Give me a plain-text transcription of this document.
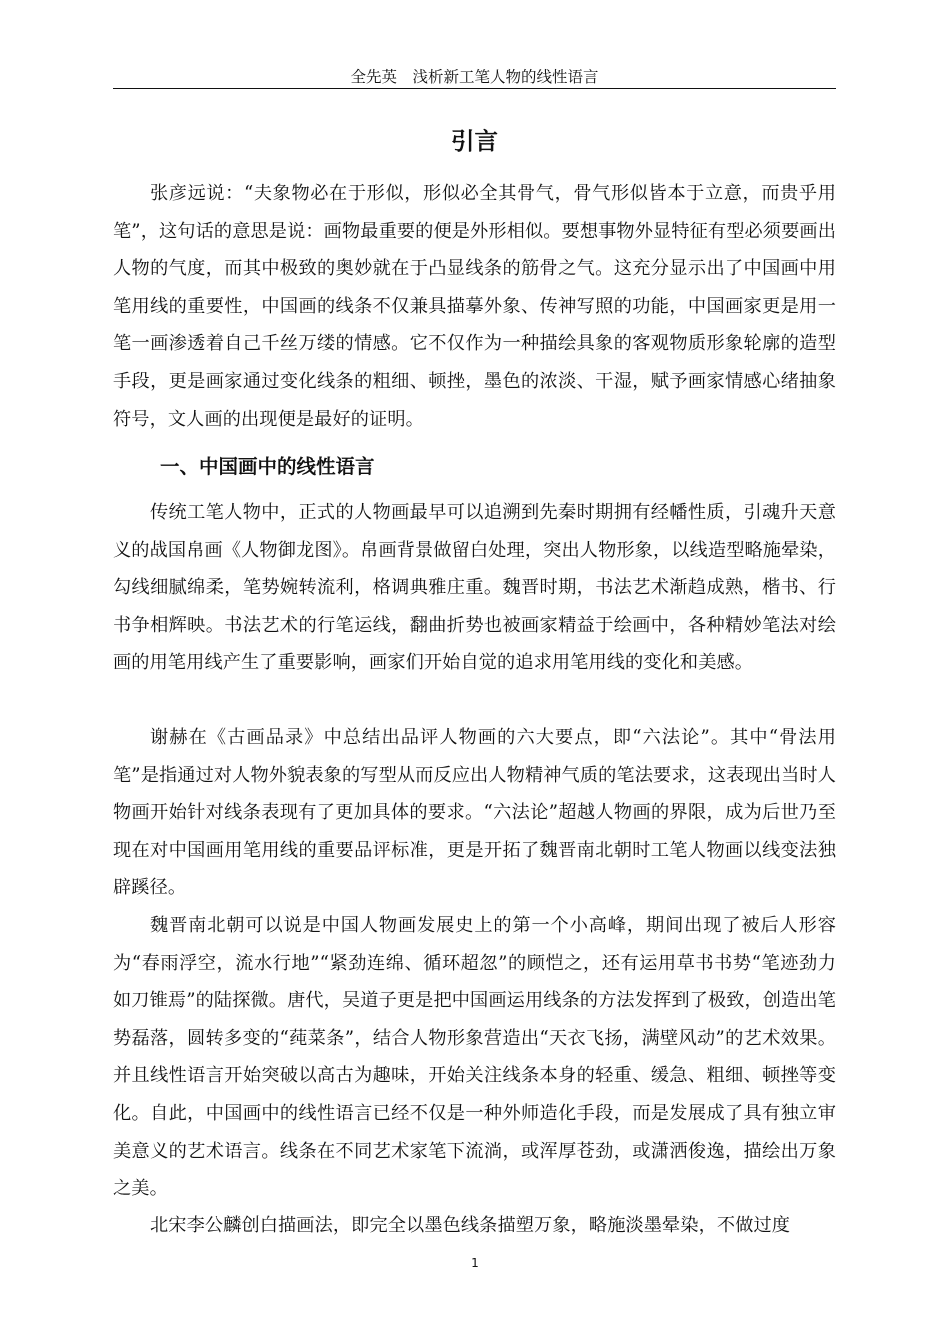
全先英　浅析新工笔人物的线性语言
引言

张彦远说：“夫象物必在于形似，形似必全其骨气，骨气形似皆本于立意，而贵乎用笔”，这句话的意思是说：画物最重要的便是外形相似。要想事物外显特征有型必须要画出人物的气度，而其中极致的奥妙就在于凸显线条的筋骨之气。这充分显示出了中国画中用笔用线的重要性，中国画的线条不仅兼具描摹外象、传神写照的功能，中国画家更是用一笔一画渗透着自己千丝万缕的情感。它不仅作为一种描绘具象的客观物质形象轮廓的造型手段，更是画家通过变化线条的粗细、顿挫，墨色的浓淡、干湿，赋予画家情感心绪抽象符号，文人画的出现便是最好的证明。

一、中国画中的线性语言

传统工笔人物中，正式的人物画最早可以追溯到先秦时期拥有经幡性质，引魂升天意义的战国帛画《人物御龙图》。帛画背景做留白处理，突出人物形象，以线造型略施晕染，勾线细腻绵柔，笔势婉转流利，格调典雅庄重。魏晋时期，书法艺术渐趋成熟，楷书、行书争相辉映。书法艺术的行笔运线，翻曲折势也被画家精益于绘画中，各种精妙笔法对绘画的用笔用线产生了重要影响，画家们开始自觉的追求用笔用线的变化和美感。

谢赫在《古画品录》中总结出品评人物画的六大要点，即“六法论”。其中“骨法用笔”是指通过对人物外貌表象的写型从而反应出人物精神气质的笔法要求，这表现出当时人物画开始针对线条表现有了更加具体的要求。“六法论”超越人物画的界限，成为后世乃至现在对中国画用笔用线的重要品评标准，更是开拓了魏晋南北朝时工笔人物画以线变法独辟蹊径。

魏晋南北朝可以说是中国人物画发展史上的第一个小高峰，期间出现了被后人形容为“春雨浮空，流水行地”“紧劲连绵、循环超忽”的顾恺之，还有运用草书书势“笔迹劲力如刀锥焉”的陆探微。唐代，吴道子更是把中国画运用线条的方法发挥到了极致，创造出笔势磊落，圆转多变的“莼菜条”，结合人物形象营造出“天衣飞扬，满壁风动”的艺术效果。并且线性语言开始突破以高古为趣味，开始关注线条本身的轻重、缓急、粗细、顿挫等变化。自此，中国画中的线性语言已经不仅是一种外师造化手段，而是发展成了具有独立审美意义的艺术语言。线条在不同艺术家笔下流淌，或浑厚苍劲，或潇洒俊逸，描绘出万象之美。

北宋李公麟创白描画法，即完全以墨色线条描塑万象，略施淡墨晕染，不做过度

1
